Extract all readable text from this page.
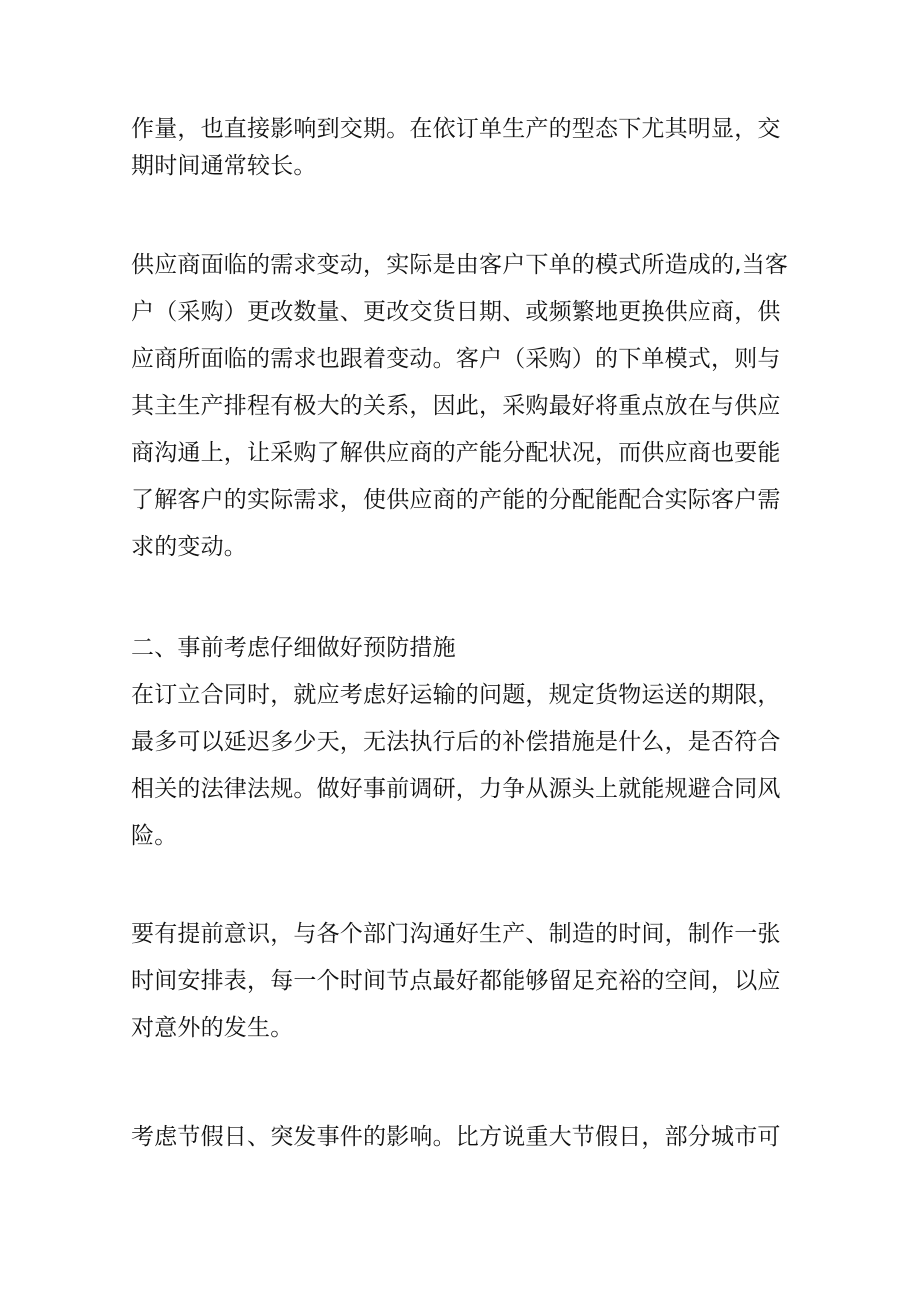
作量，也直接影响到交期。在依订单生产的型态下尤其明显，交
期时间通常较长。
供应商面临的需求变动，实际是由客户下单的模式所造成的,当客
户（采购）更改数量、更改交货日期、或频繁地更换供应商，供
应商所面临的需求也跟着变动。客户（采购）的下单模式，则与
其主生产排程有极大的关系，因此，采购最好将重点放在与供应
商沟通上，让采购了解供应商的产能分配状况，而供应商也要能
了解客户的实际需求，使供应商的产能的分配能配合实际客户需
求的变动。
二、事前考虑仔细做好预防措施
在订立合同时，就应考虑好运输的问题，规定货物运送的期限，
最多可以延迟多少天，无法执行后的补偿措施是什么，是否符合
相关的法律法规。做好事前调研，力争从源头上就能规避合同风
险。
要有提前意识，与各个部门沟通好生产、制造的时间，制作一张
时间安排表，每一个时间节点最好都能够留足充裕的空间，以应
对意外的发生。
考虑节假日、突发事件的影响。比方说重大节假日，部分城市可
